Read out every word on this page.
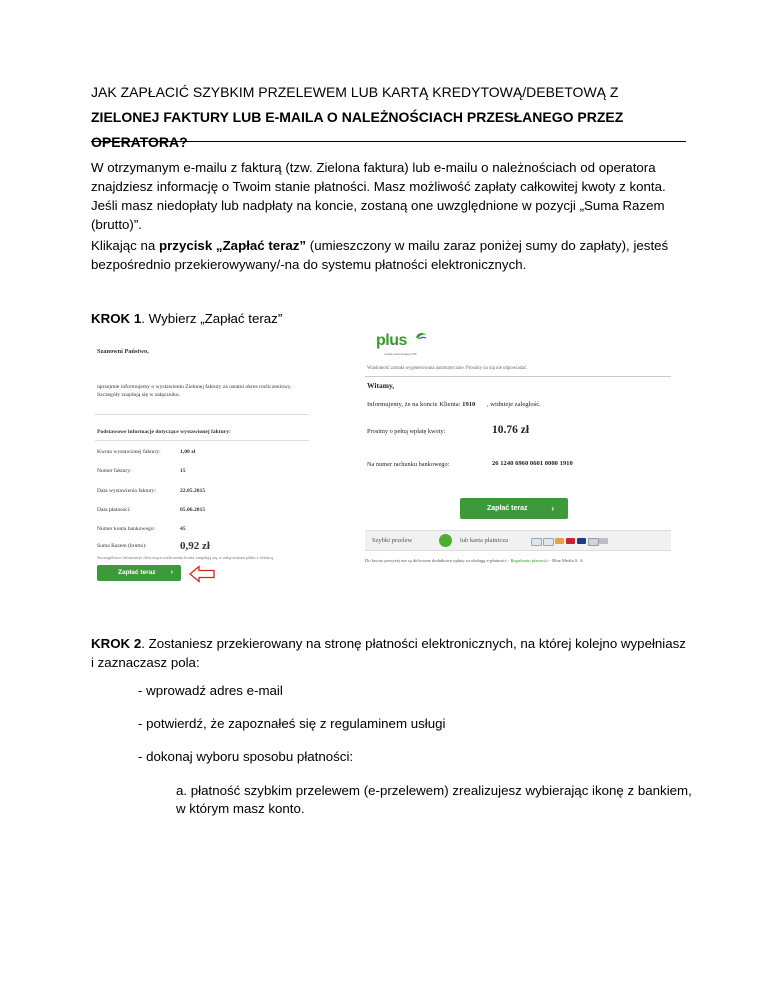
JAK ZAPŁACIĆ SZYBKIM PRZELEWEM LUB KARTĄ KREDYTOWĄ/DEBETOWĄ Z
ZIELONEJ FAKTURY LUB E-MAILA O NALEŻNOŚCIACH PRZESŁANEGO PRZEZ
OPERATORA?

W otrzymanym e-mailu z fakturą (tzw. Zielona faktura) lub e-mailu o należnościach od operatora znajdziesz informację o Twoim stanie płatności. Masz możliwość zapłaty całkowitej kwoty z konta. Jeśli masz niedopłaty lub nadpłaty na koncie, zostaną one uwzględnione w pozycji „Suma Razem (brutto)”.

Klikając na przycisk „Zapłać teraz” (umieszczony w mailu zaraz poniżej sumy do zapłaty), jesteś bezpośrednio przekierowywany/-na do systemu płatności elektronicznych.

KROK 1. Wybierz „Zapłać teraz”
Szanowni Państwo,
uprzejmie informujemy o wystawieniu Zielonej faktury za ostatni okres rozliczeniowy. Szczegóły znajdują się w załączniku.
Podstawowe informacje dotyczące wystawionej faktury:
Kwota wystawionej faktury:	1,00 zł
Numer faktury:	15
Data wystawienia faktury:	22.05.2015
Data płatności:	05.06.2015
Numer konta bankowego:	45
Suma Razem (brutto):	0,92 zł
Szczegółowe informacje dotyczące rozliczenia konta znajdują się w załączonym pliku z fakturą.
Zapłać teraz ›
plus
mobile technologies LTE
Wiadomość została wygenerowana automatycznie. Prosimy na nią nie odpowiadać.
Witamy,
Informujemy, że na koncie Klienta: 1910 , widnieje zaległość.
Prosimy o pełną wpłatę kwoty:	10.76 zł
Na numer rachunku bankowego:	26 1240 6960 0601 0000 1910
Zapłać teraz	›
Szybki przelew	lub karta płatnicza
Do kwoty powyżej nie są doliczone dodatkowe opłaty za obsługę e-płatności - Regulamin płatności - Blue Media S. A.

KROK 2. Zostaniesz przekierowany na stronę płatności elektronicznych, na której kolejno wypełniasz i zaznaczasz pola:

- wprowadź adres e-mail
- potwierdź, że zapoznałeś się z regulaminem usługi
- dokonaj wyboru sposobu płatności:
a. płatność szybkim przelewem (e-przelewem) zrealizujesz wybierając ikonę z bankiem, w którym masz konto.
